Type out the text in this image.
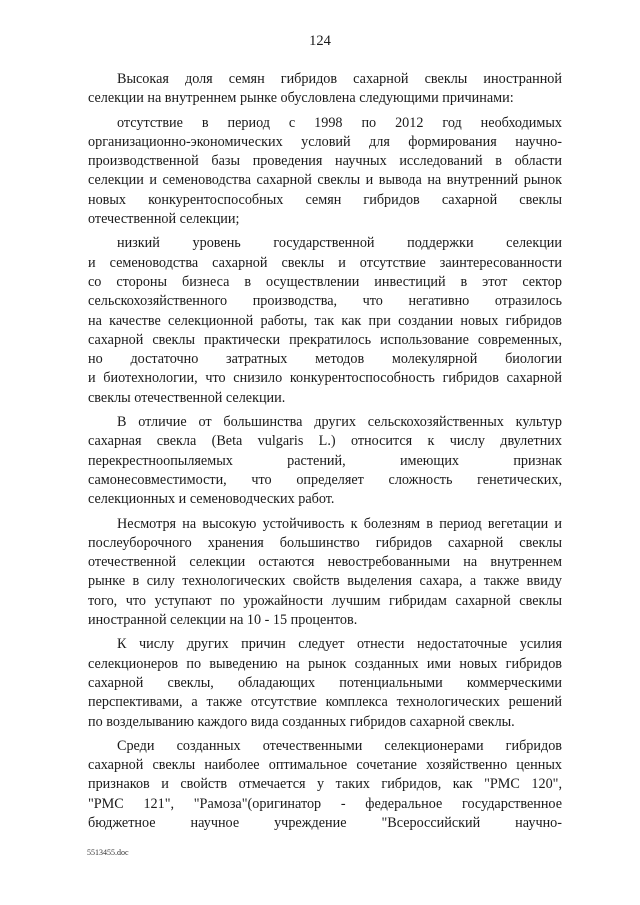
124
Высокая доля семян гибридов сахарной свеклы иностранной
селекции на внутреннем рынке обусловлена следующими причинами:
отсутствие в период с 1998 по 2012 год необходимых
организационно-экономических условий для формирования научно-
производственной базы проведения научных исследований в области
селекции и семеноводства сахарной свеклы и вывода на внутренний рынок
новых конкурентоспособных семян гибридов сахарной свеклы
отечественной селекции;
низкий уровень государственной поддержки селекции
и семеноводства сахарной свеклы и отсутствие заинтересованности
со стороны бизнеса в осуществлении инвестиций в этот сектор
сельскохозяйственного производства, что негативно отразилось
на качестве селекционной работы, так как при создании новых гибридов
сахарной свеклы практически прекратилось использование современных,
но достаточно затратных методов молекулярной биологии
и биотехнологии, что снизило конкурентоспособность гибридов сахарной
свеклы отечественной селекции.
В отличие от большинства других сельскохозяйственных культур
сахарная свекла (Beta vulgaris L.) относится к числу двулетних
перекрестноопыляемых растений, имеющих признак
самонесовместимости, что определяет сложность генетических,
селекционных и семеноводческих работ.
Несмотря на высокую устойчивость к болезням в период вегетации и
послеуборочного хранения большинство гибридов сахарной свеклы
отечественной селекции остаются невостребованными на внутреннем
рынке в силу технологических свойств выделения сахара, а также ввиду
того, что уступают по урожайности лучшим гибридам сахарной свеклы
иностранной селекции на 10 - 15 процентов.
К числу других причин следует отнести недостаточные усилия
селекционеров по выведению на рынок созданных ими новых гибридов
сахарной свеклы, обладающих потенциальными коммерческими
перспективами, а также отсутствие комплекса технологических решений
по возделыванию каждого вида созданных гибридов сахарной свеклы.
Среди созданных отечественными селекционерами гибридов
сахарной свеклы наиболее оптимальное сочетание хозяйственно ценных
признаков и свойств отмечается у таких гибридов, как "РМС 120",
"РМС 121", "Рамоза"(оригинатор - федеральное государственное
бюджетное научное учреждение "Всероссийский научно-
5513455.doc
